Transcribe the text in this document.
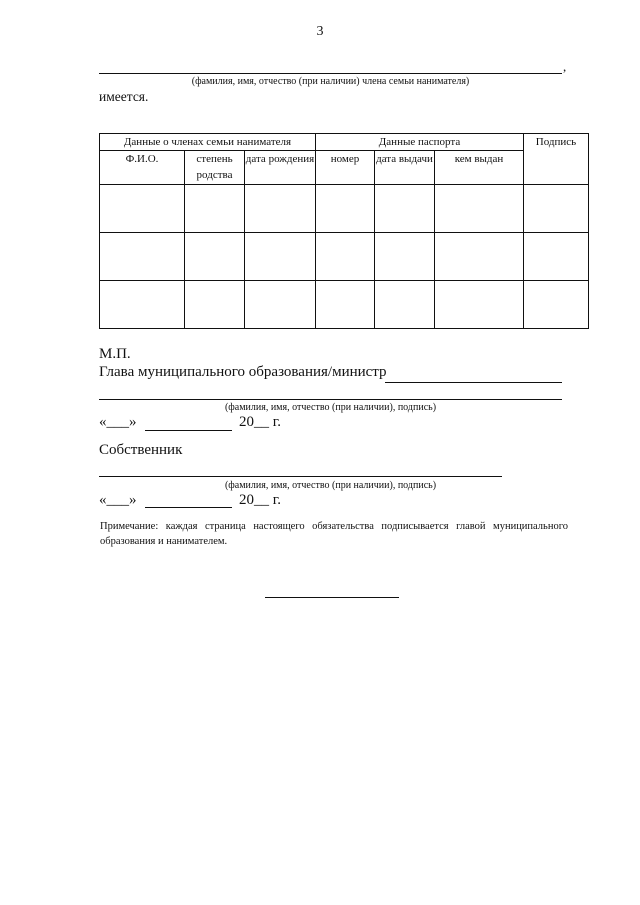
3
,
(фамилия, имя, отчество (при наличии) члена семьи нанимателя)
имеется.
Данные о членах семьи нанимателя			Данные паспорта			Подпись
Ф.И.О.	степень родства	дата рождения	номер	дата выдачи	кем выдан	

М.П.
Глава муниципального образования/министр
(фамилия, имя, отчество (при наличии), подпись)
«___»	20__ г.
Собственник
(фамилия, имя, отчество (при наличии), подпись)
«___»	20__ г.
Примечание: каждая страница настоящего обязательства подписывается главой муниципального образования и нанимателем.
